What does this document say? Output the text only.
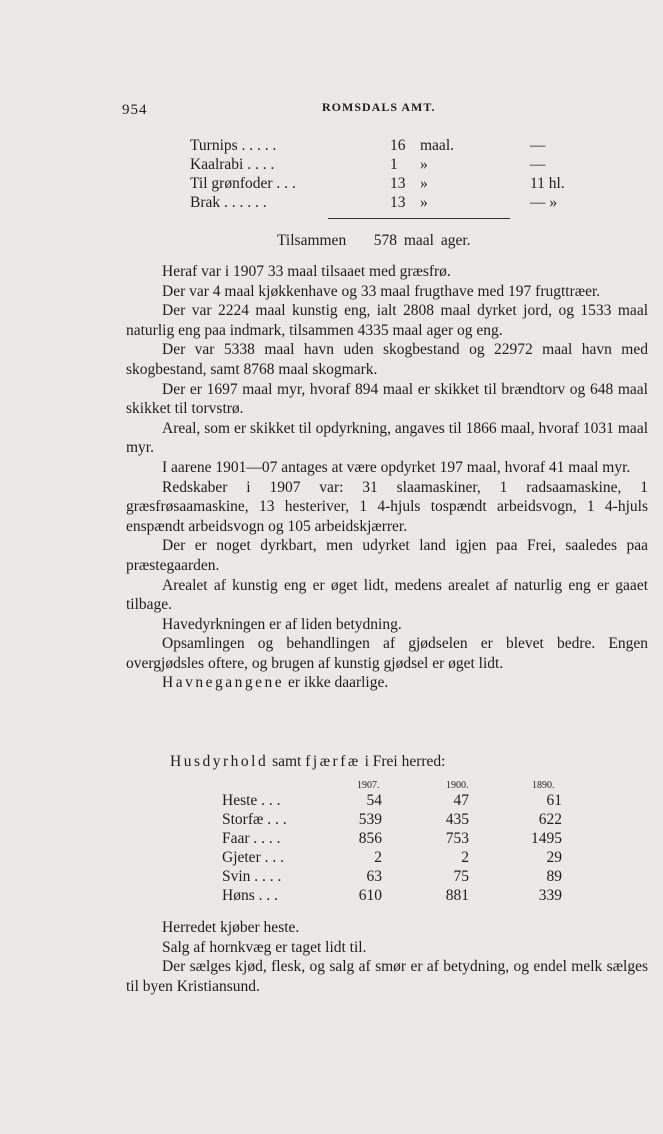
954	ROMSDALS AMT.
Turnips . . . . .	16 maal.	—
Kaalrabi . . . .	1 »	—
Til grønfoder . . .	13 »	11 hl.
Brak . . . . . .	13 »	— »
Tilsammen 578 maal ager.

Heraf var i 1907 33 maal tilsaaet med græsfrø.

Der var 4 maal kjøkkenhave og 33 maal frugthave med 197 frugttræer.

Der var 2224 maal kunstig eng, ialt 2808 maal dyrket jord, og 1533 maal naturlig eng paa indmark, tilsammen 4335 maal ager og eng.

Der var 5338 maal havn uden skogbestand og 22972 maal havn med skogbestand, samt 8768 maal skogmark.

Der er 1697 maal myr, hvoraf 894 maal er skikket til brændtorv og 648 maal skikket til torvstrø.

Areal, som er skikket til opdyrkning, angaves til 1866 maal, hvoraf 1031 maal myr.

I aarene 1901—07 antages at være opdyrket 197 maal, hvoraf 41 maal myr.

Redskaber i 1907 var: 31 slaamaskiner, 1 radsaamaskine, 1 græsfrøsaamaskine, 13 hesteriver, 1 4-hjuls tospændt arbeidsvogn, 1 4-hjuls enspændt arbeidsvogn og 105 arbeidskjærrer.

Der er noget dyrkbart, men udyrket land igjen paa Frei, saaledes paa præstegaarden.

Arealet af kunstig eng er øget lidt, medens arealet af naturlig eng er gaaet tilbage.

Havedyrkningen er af liden betydning.

Opsamlingen og behandlingen af gjødselen er blevet bedre. Engen overgjødsles oftere, og brugen af kunstig gjødsel er øget lidt.

Havnegangene er ikke daarlige.

Husdyrhold samt fjærfæ i Frei herred:
1907.	1900.	1890.
Heste . . .	54	47	61
Storfæ . . .	539	435	622
Faar . . . .	856	753	1495
Gjeter . . .	2	2	29
Svin . . . .	63	75	89
Høns . . .	610	881	339

Herredet kjøber heste.

Salg af hornkvæg er taget lidt til.

Der sælges kjød, flesk, og salg af smør er af betydning, og endel melk sælges til byen Kristiansund.
